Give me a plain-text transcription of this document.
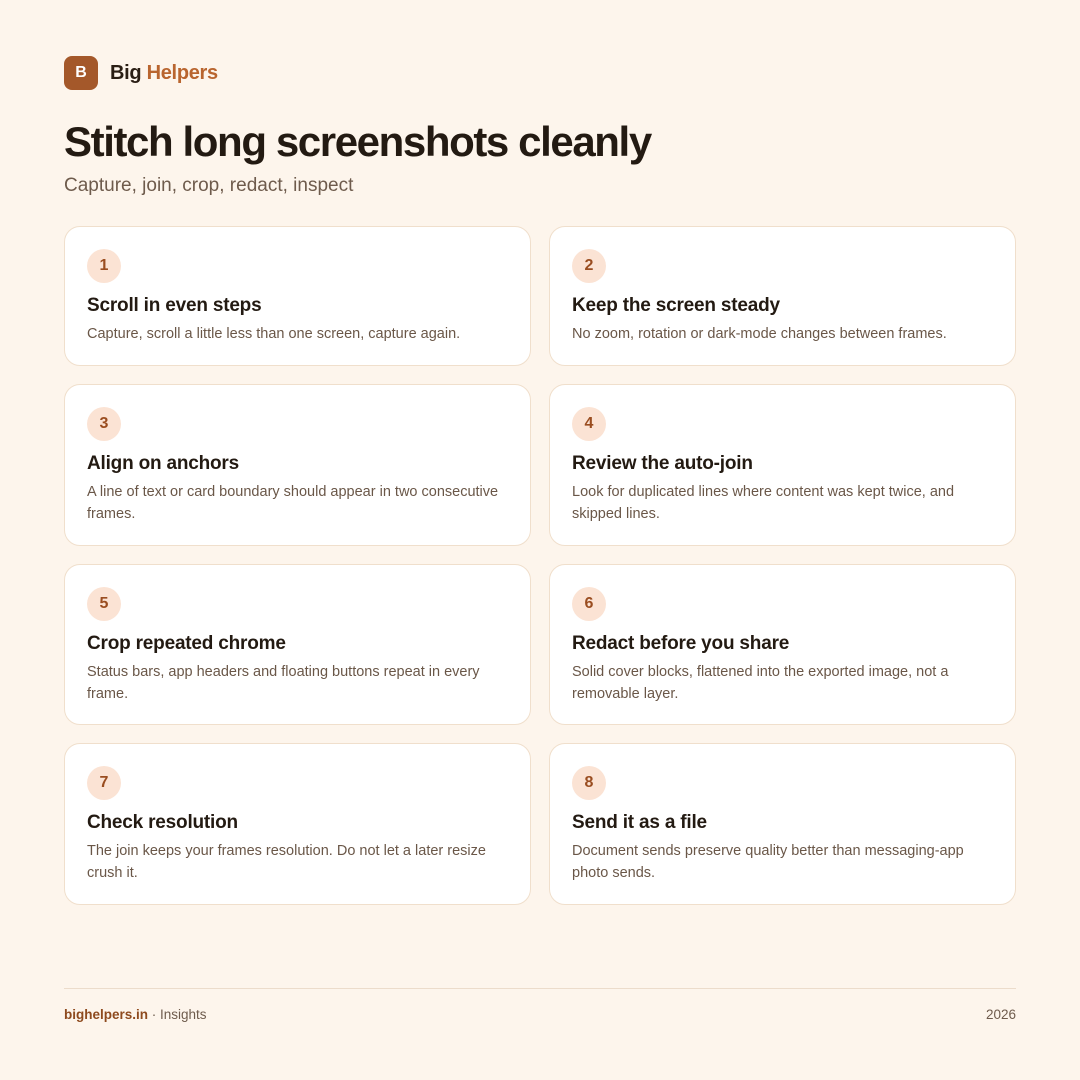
B	Big Helpers
Stitch long screenshots cleanly
Capture, join, crop, redact, inspect
1
Scroll in even steps
Capture, scroll a little less than one screen, capture again.
2
Keep the screen steady
No zoom, rotation or dark-mode changes between frames.
3
Align on anchors
A line of text or card boundary should appear in two consecutive frames.
4
Review the auto-join
Look for duplicated lines where content was kept twice, and skipped lines.
5
Crop repeated chrome
Status bars, app headers and floating buttons repeat in every frame.
6
Redact before you share
Solid cover blocks, flattened into the exported image, not a removable layer.
7
Check resolution
The join keeps your frames resolution. Do not let a later resize crush it.
8
Send it as a file
Document sends preserve quality better than messaging-app photo sends.
bighelpers.in · Insights	2026
